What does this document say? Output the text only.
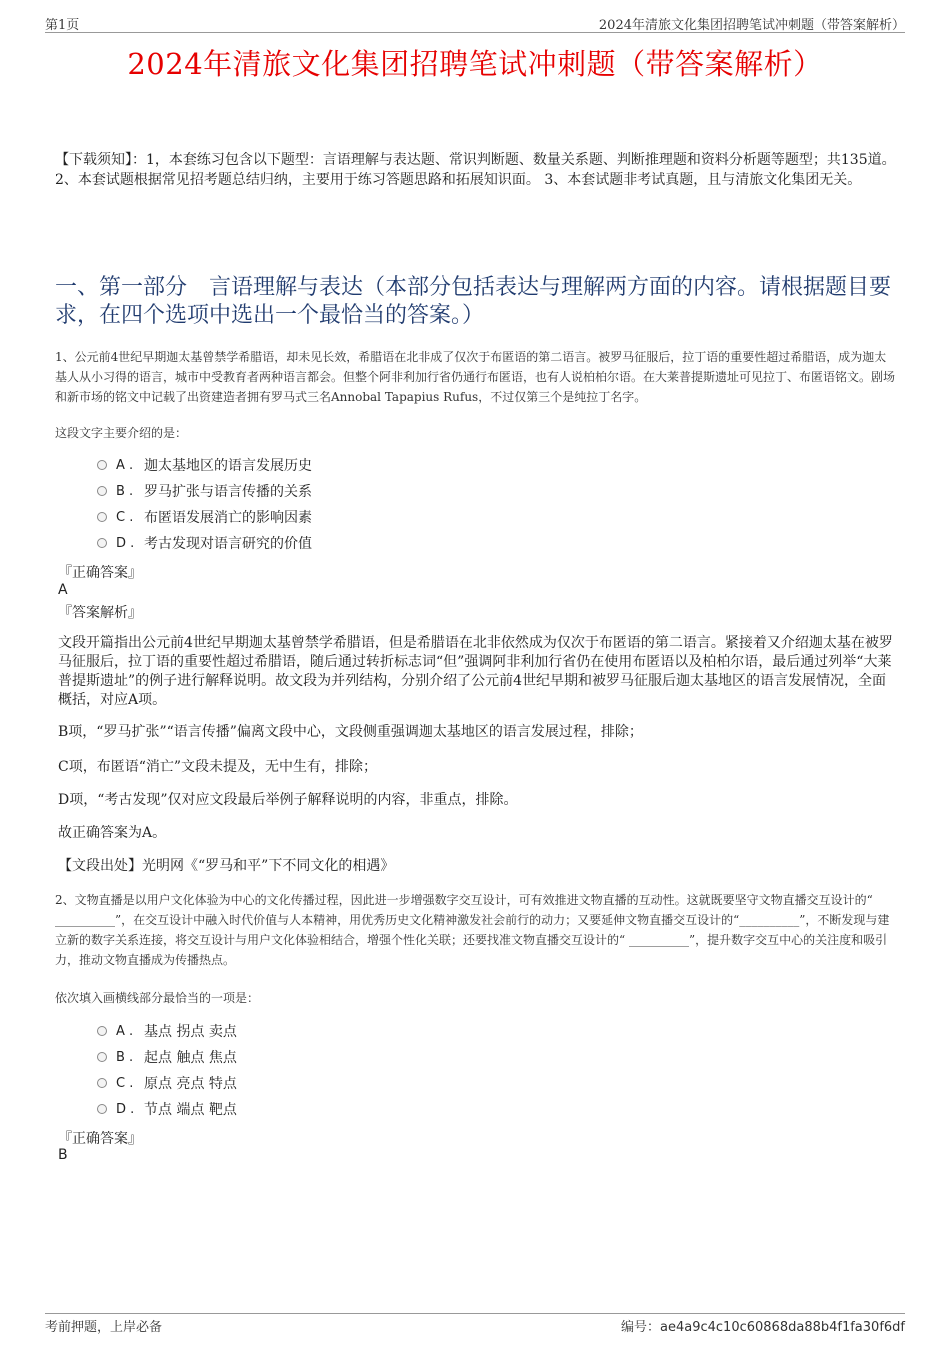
第1页	2024年清旅文化集团招聘笔试冲刺题（带答案解析）
2024年清旅文化集团招聘笔试冲刺题（带答案解析）
【下载须知】：1，本套练习包含以下题型：言语理解与表达题、常识判断题、数量关系题、判断推理题和资料分析题等题型；共135道。 2、本套试题根据常见招考题总结归纳，主要用于练习答题思路和拓展知识面。 3、本套试题非考试真题，且与清旅文化集团无关。
一、第一部分　言语理解与表达（本部分包括表达与理解两方面的内容。请根据题目要求，在四个选项中选出一个最恰当的答案。）
1、公元前4世纪早期迦太基曾禁学希腊语，却未见长效，希腊语在北非成了仅次于布匿语的第二语言。被罗马征服后，拉丁语的重要性超过希腊语，成为迦太基人从小习得的语言，城市中受教育者两种语言都会。但整个阿非利加行省仍通行布匿语，也有人说柏柏尔语。在大莱普提斯遗址可见拉丁、布匿语铭文。剧场和新市场的铭文中记载了出资建造者拥有罗马式三名Annobal Tapapius Rufus，不过仅第三个是纯拉丁名字。
这段文字主要介绍的是：
A . 迦太基地区的语言发展历史
B . 罗马扩张与语言传播的关系
C . 布匿语发展消亡的影响因素
D . 考古发现对语言研究的价值
『正确答案』
A
『答案解析』
文段开篇指出公元前4世纪早期迦太基曾禁学希腊语，但是希腊语在北非依然成为仅次于布匿语的第二语言。紧接着又介绍迦太基在被罗马征服后，拉丁语的重要性超过希腊语，随后通过转折标志词“但”强调阿非利加行省仍在使用布匿语以及柏柏尔语，最后通过列举“大莱普提斯遗址”的例子进行解释说明。故文段为并列结构，分别介绍了公元前4世纪早期和被罗马征服后迦太基地区的语言发展情况，全面概括，对应A项。
B项，“罗马扩张”“语言传播”偏离文段中心，文段侧重强调迦太基地区的语言发展过程，排除；
C项，布匿语“消亡”文段未提及，无中生有，排除；
D项，“考古发现”仅对应文段最后举例子解释说明的内容，非重点，排除。
故正确答案为A。
【文段出处】光明网《“罗马和平”下不同文化的相遇》
2、文物直播是以用户文化体验为中心的文化传播过程，因此进一步增强数字交互设计，可有效推进文物直播的互动性。这就既要坚守文物直播交互设计的“ __________”，在交互设计中融入时代价值与人本精神，用优秀历史文化精神激发社会前行的动力；又要延伸文物直播交互设计的“__________”，不断发现与建立新的数字关系连接，将交互设计与用户文化体验相结合，增强个性化关联；还要找准文物直播交互设计的“ __________”，提升数字交互中心的关注度和吸引力，推动文物直播成为传播热点。
依次填入画横线部分最恰当的一项是：
A . 基点 拐点 卖点
B . 起点 触点 焦点
C . 原点 亮点 特点
D . 节点 端点 靶点
『正确答案』
B
考前押题，上岸必备	编号：ae4a9c4c10c60868da88b4f1fa30f6df
